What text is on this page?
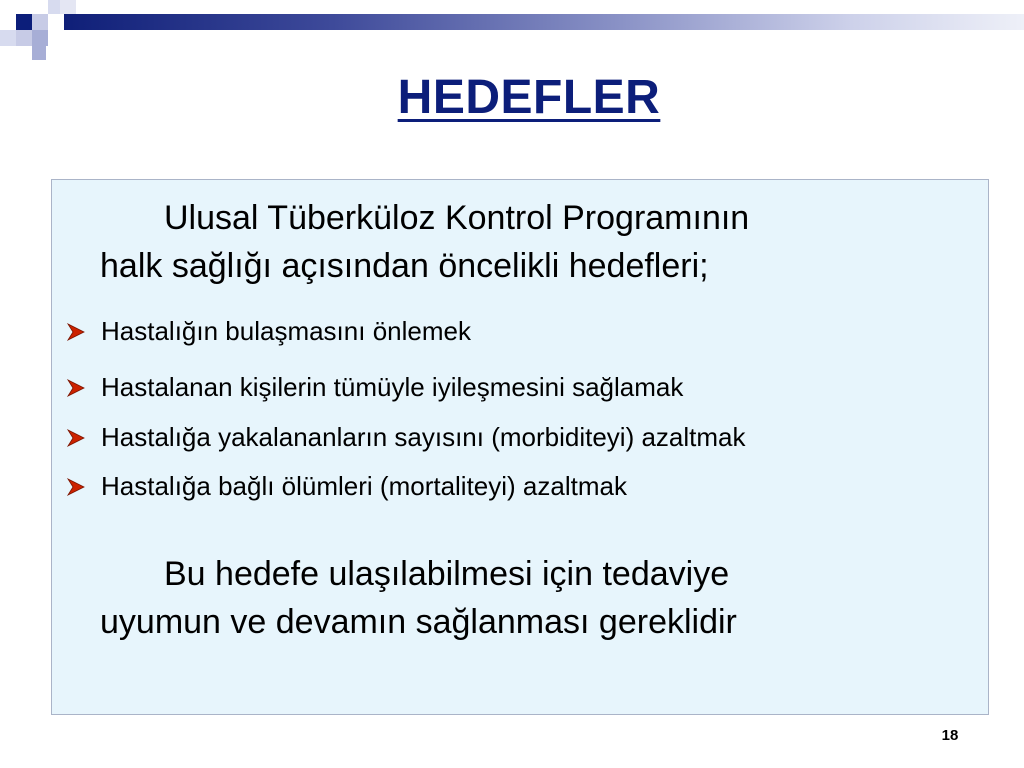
HEDEFLER
Ulusal Tüberküloz Kontrol Programının
halk sağlığı açısından öncelikli hedefleri;
Hastalığın bulaşmasını önlemek
Hastalanan kişilerin tümüyle iyileşmesini sağlamak
Hastalığa yakalananların sayısını (morbiditeyi) azaltmak
Hastalığa bağlı ölümleri (mortaliteyi) azaltmak
Bu hedefe ulaşılabilmesi için tedaviye
uyumun ve devamın sağlanması gereklidir
18
